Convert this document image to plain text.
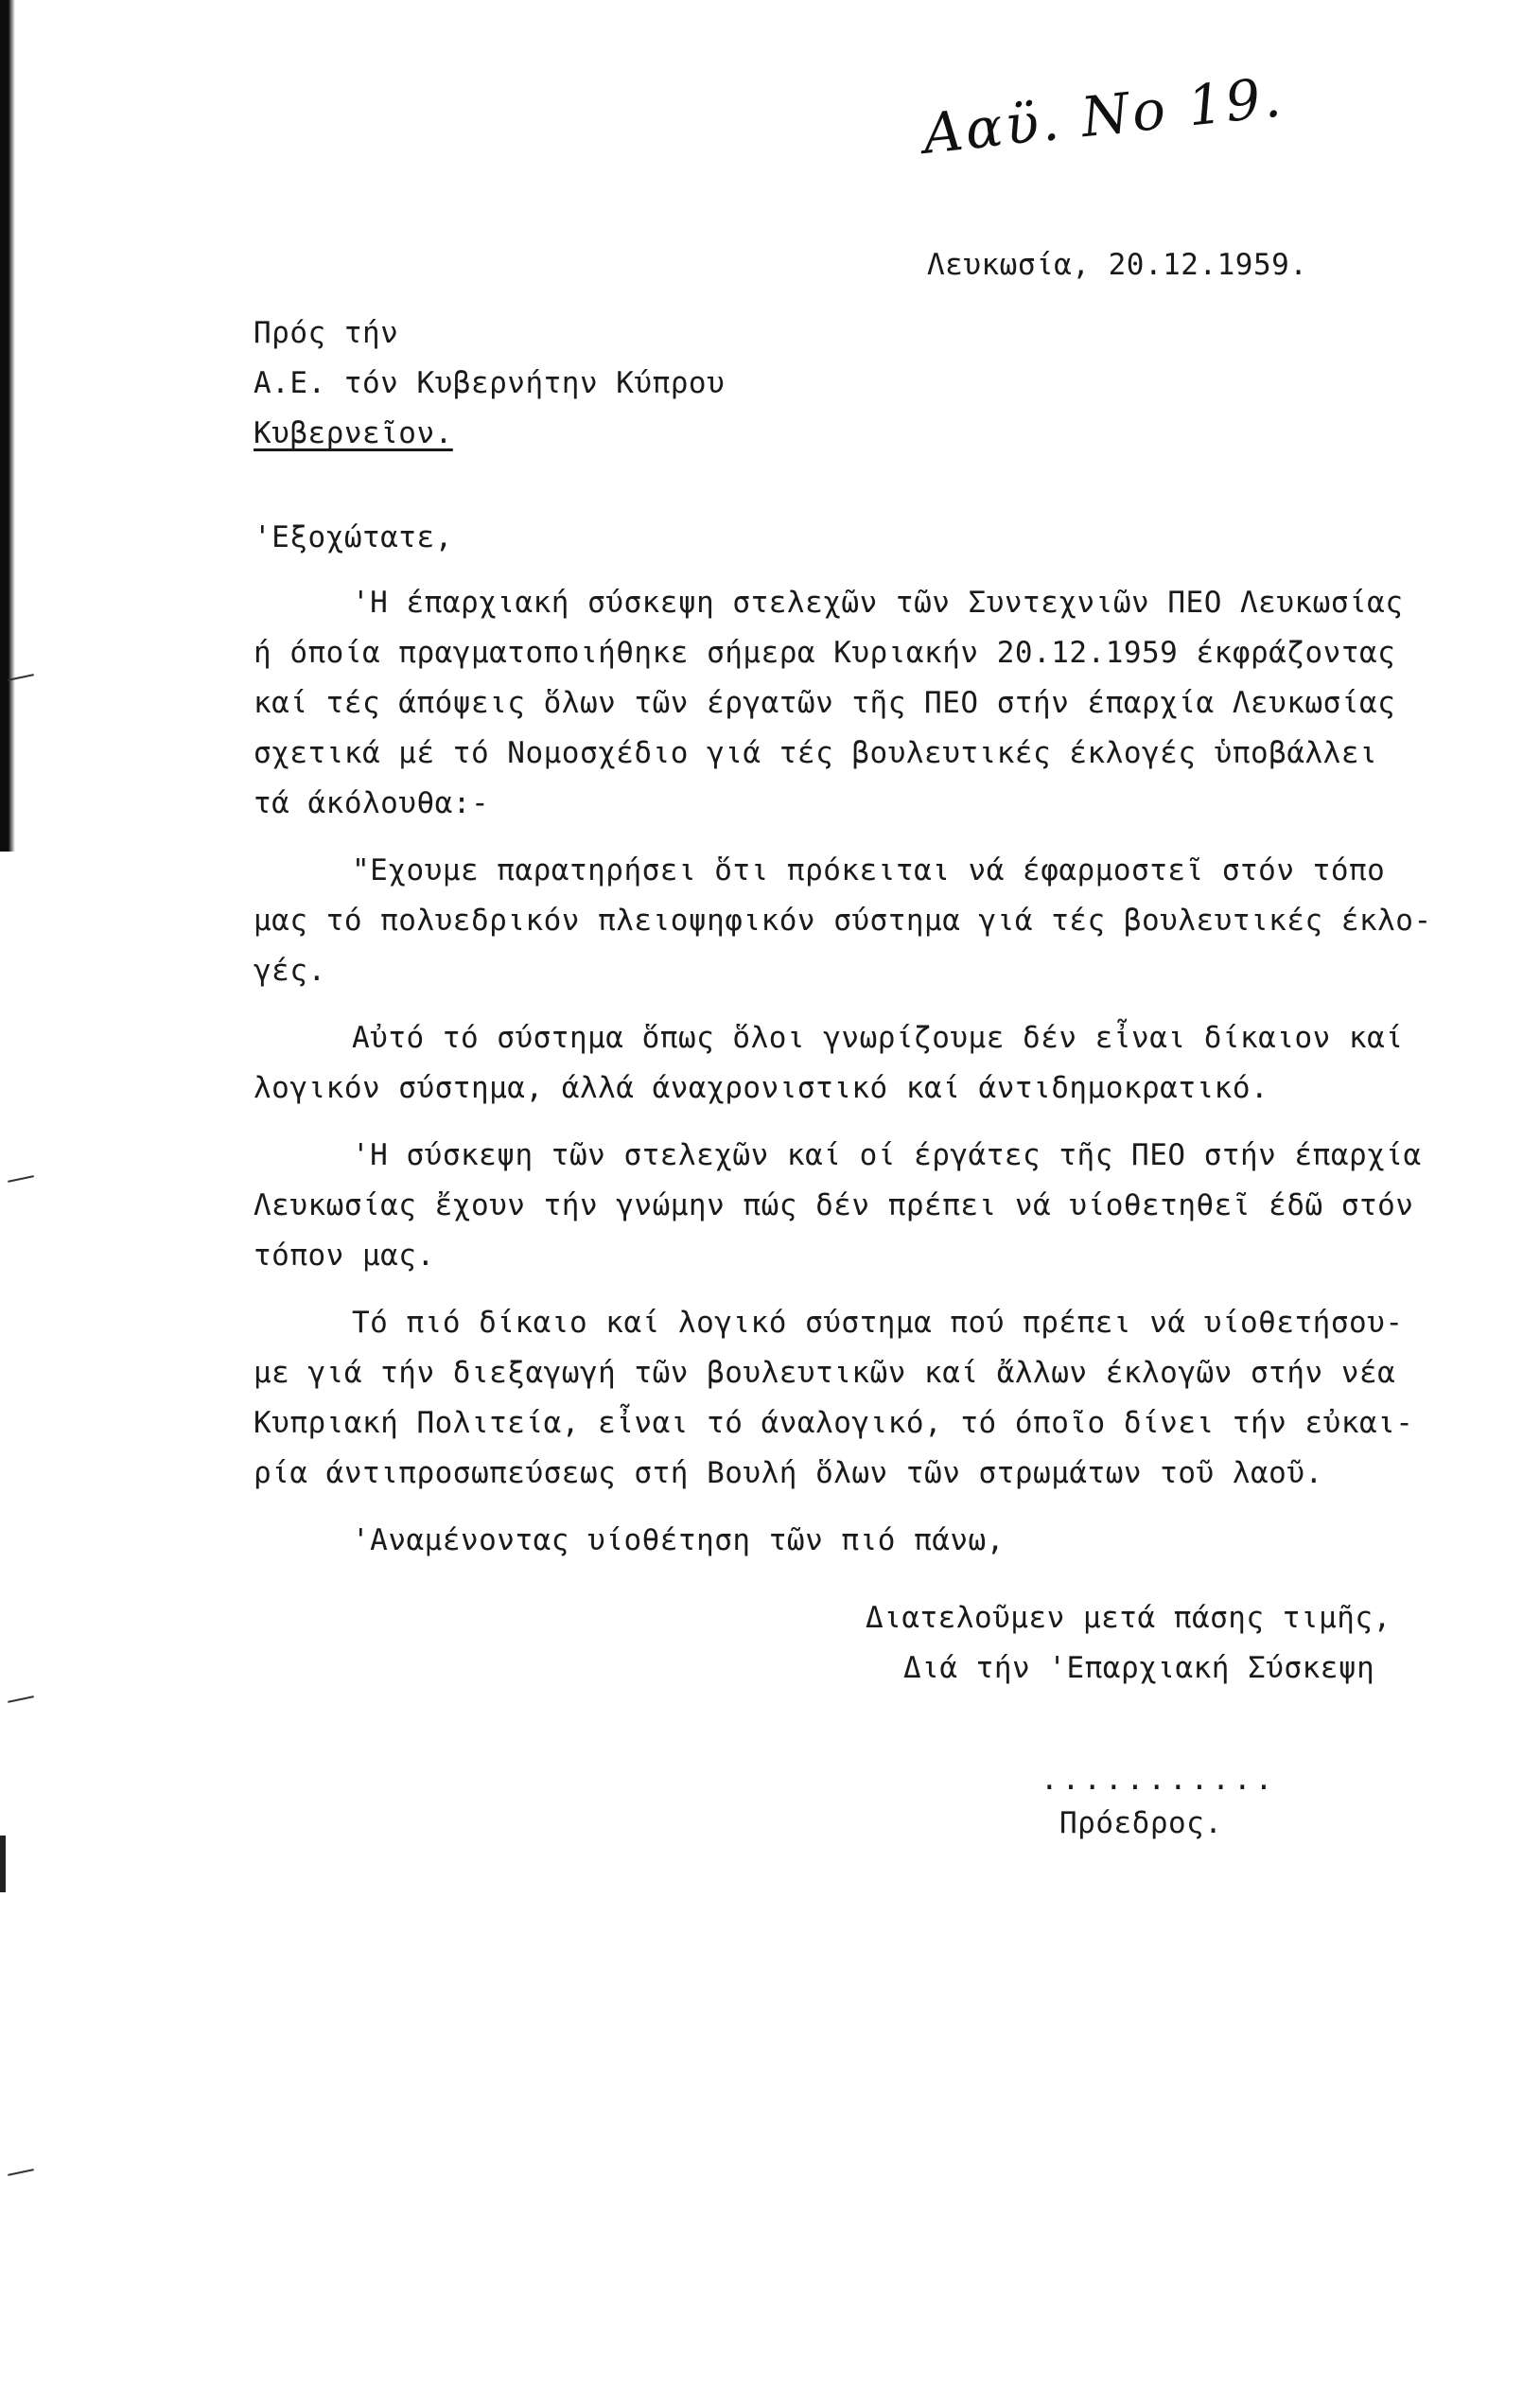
Ααϋ. Νο 19.
Λευκωσία, 20.12.1959.
Πρός τήν
Α.Ε. τόν Κυβερνήτην Κύπρου
Κυβερνεῖον.
'Εξοχώτατε,
'Η έπαρχιακή σύσκεψη στελεχῶν τῶν Συντεχνιῶν ΠΕΟ Λευκωσίας
ή όποία πραγματοποιήθηκε σήμερα Κυριακήν 20.12.1959 έκφράζοντας
καί τές άπόψεις ὅλων τῶν έργατῶν τῆς ΠΕΟ στήν έπαρχία Λευκωσίας
σχετικά μέ τό Νομοσχέδιο γιά τές βουλευτικές έκλογές ὑποβάλλει
τά άκόλουθα:-
"Εχουμε παρατηρήσει ὅτι πρόκειται νά έφαρμοστεῖ στόν τόπο
μας τό πολυεδρικόν πλειοψηφικόν σύστημα γιά τές βουλευτικές έκλο-
γές.
Αὐτό τό σύστημα ὅπως ὅλοι γνωρίζουμε δέν εἶναι δίκαιον καί
λογικόν σύστημα, άλλά άναχρονιστικό καί άντιδημοκρατικό.
'Η σύσκεψη τῶν στελεχῶν καί οί έργάτες τῆς ΠΕΟ στήν έπαρχία
Λευκωσίας ἔχουν τήν γνώμην πώς δέν πρέπει νά υίοθετηθεῖ έδῶ στόν
τόπον μας.
Τό πιό δίκαιο καί λογικό σύστημα πού πρέπει νά υίοθετήσου-
με γιά τήν διεξαγωγή τῶν βουλευτικῶν καί ἄλλων έκλογῶν στήν νέα
Κυπριακή Πολιτεία, εἶναι τό άναλογικό, τό όποῖο δίνει τήν εὐκαι-
ρία άντιπροσωπεύσεως στή Βουλή ὅλων τῶν στρωμάτων τοῦ λαοῦ.
'Αναμένοντας υίοθέτηση τῶν πιό πάνω,
Διατελοῦμεν μετά πάσης τιμῆς,
Διά τήν 'Επαρχιακή Σύσκεψη
...........
Πρόεδρος.
